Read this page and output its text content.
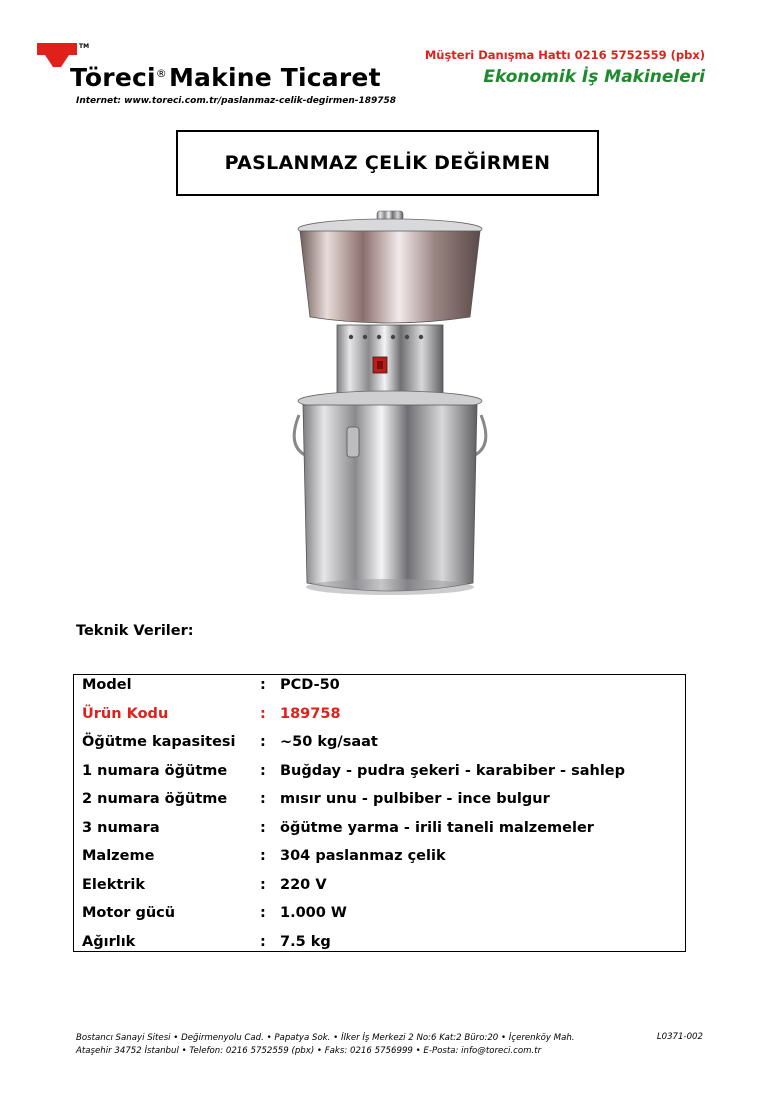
TM
Töreci®Makine Ticaret
Internet: www.toreci.com.tr/paslanmaz-celik-degirmen-189758
Müşteri Danışma Hattı 0216 5752559 (pbx)
Ekonomik İş Makineleri
PASLANMAZ ÇELİK DEĞİRMEN
Teknik Veriler:
Model	: PCD-50
Ürün Kodu	: 189758
Öğütme kapasitesi : ~50 kg/saat
1 numara öğütme : Buğday - pudra şekeri - karabiber - sahlep
2 numara öğütme : mısır unu - pulbiber - ince bulgur
3 numara	: öğütme yarma - irili taneli malzemeler
Malzeme	: 304 paslanmaz çelik
Elektrik	: 220 V
Motor gücü	: 1.000 W
Ağırlık	: 7.5 kg
Bostancı Sanayi Sitesi • Değirmenyolu Cad. • Papatya Sok. • İlker İş Merkezi 2 No:6 Kat:2 Büro:20 • İçerenköy Mah.
Ataşehir 34752 İstanbul • Telefon: 0216 5752559 (pbx) • Faks: 0216 5756999 • E-Posta: info@toreci.com.tr
L0371-002
